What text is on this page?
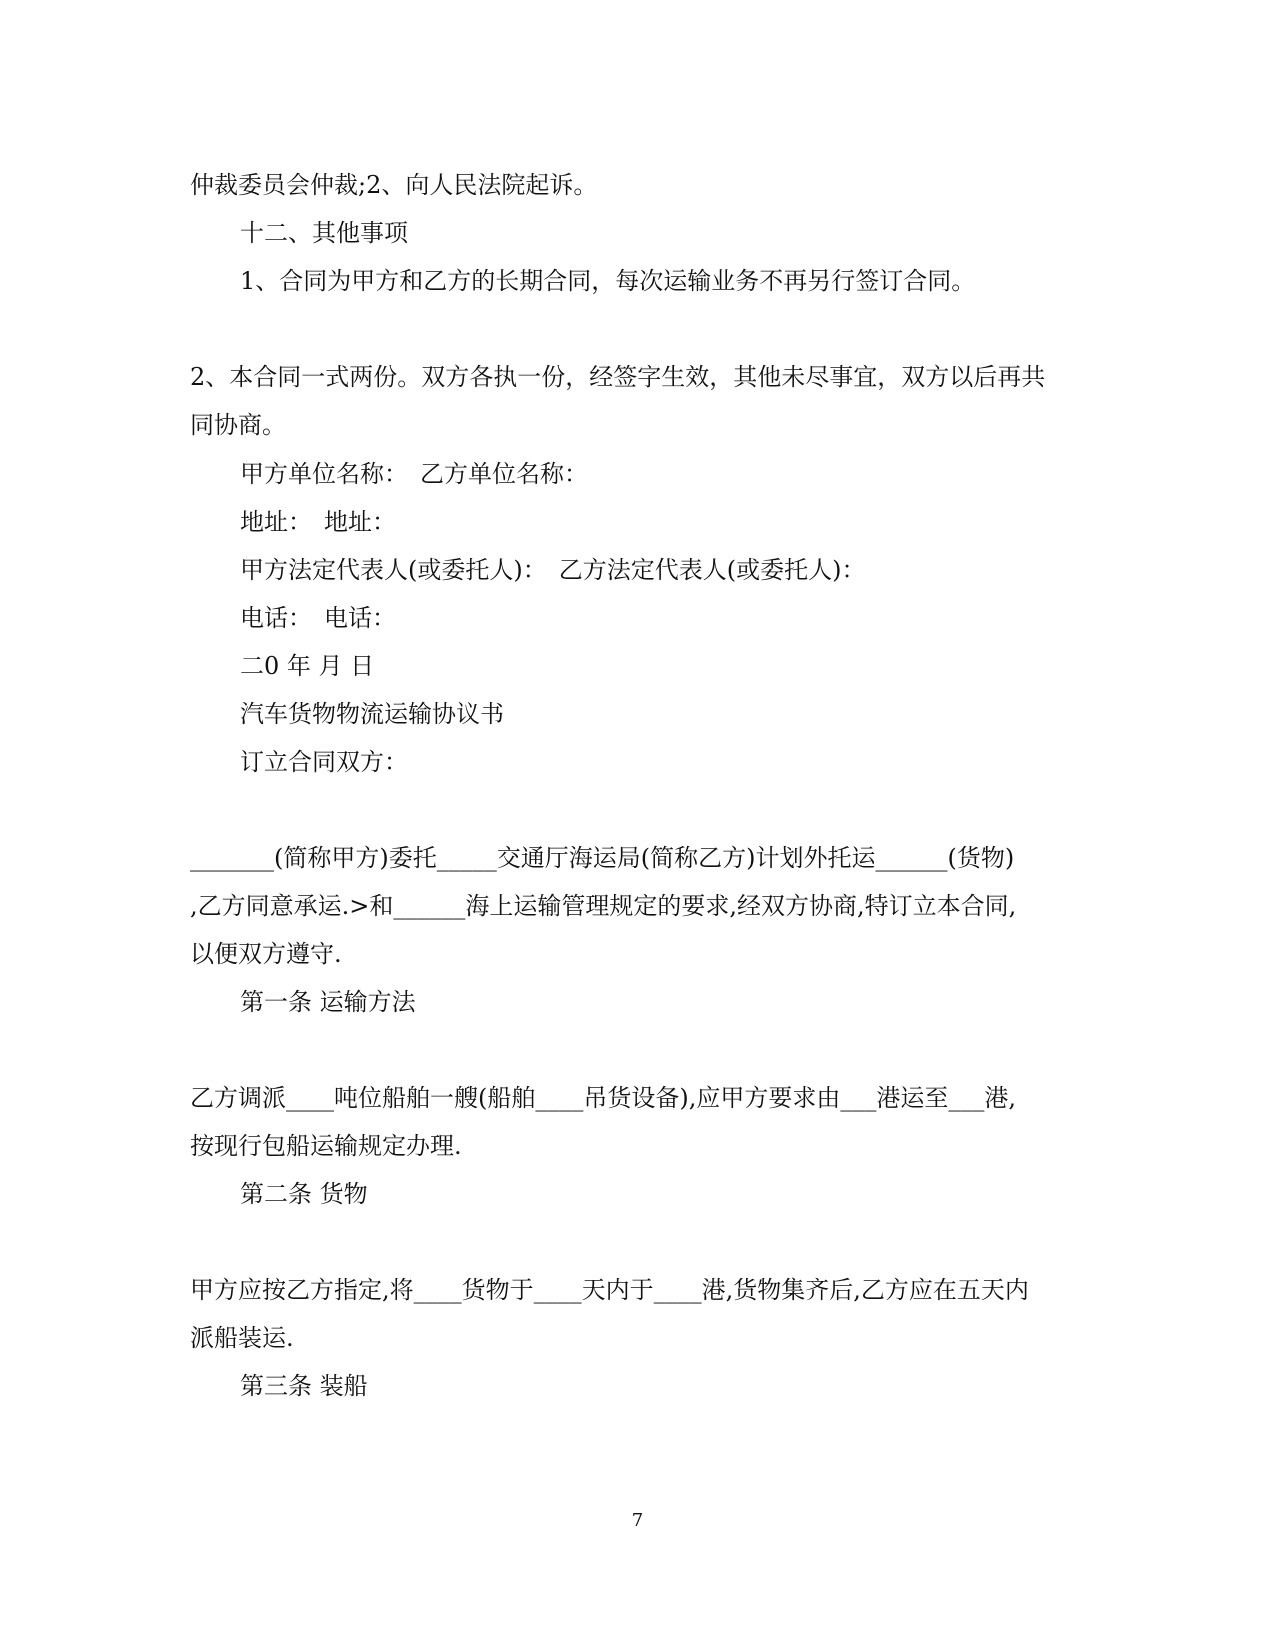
仲裁委员会仲裁;2、向人民法院起诉。

十二、其他事项

1、合同为甲方和乙方的长期合同，每次运输业务不再另行签订合同。

2、本合同一式两份。双方各执一份，经签字生效，其他未尽事宜，双方以后再共

同协商。

甲方单位名称：　乙方单位名称：

地址：　地址：

甲方法定代表人(或委托人)：　乙方法定代表人(或委托人)：

电话：　电话：

二0 年 月 日

汽车货物物流运输协议书

订立合同双方：

_______(简称甲方)委托_____交通厅海运局(简称乙方)计划外托运______(货物)

,乙方同意承运.>和______海上运输管理规定的要求,经双方协商,特订立本合同,

以便双方遵守.

第一条 运输方法

乙方调派____吨位船舶一艘(船舶____吊货设备),应甲方要求由___港运至___港,

按现行包船运输规定办理.

第二条 货物

甲方应按乙方指定,将____货物于____天内于____港,货物集齐后,乙方应在五天内

派船装运.

第三条 装船

7
